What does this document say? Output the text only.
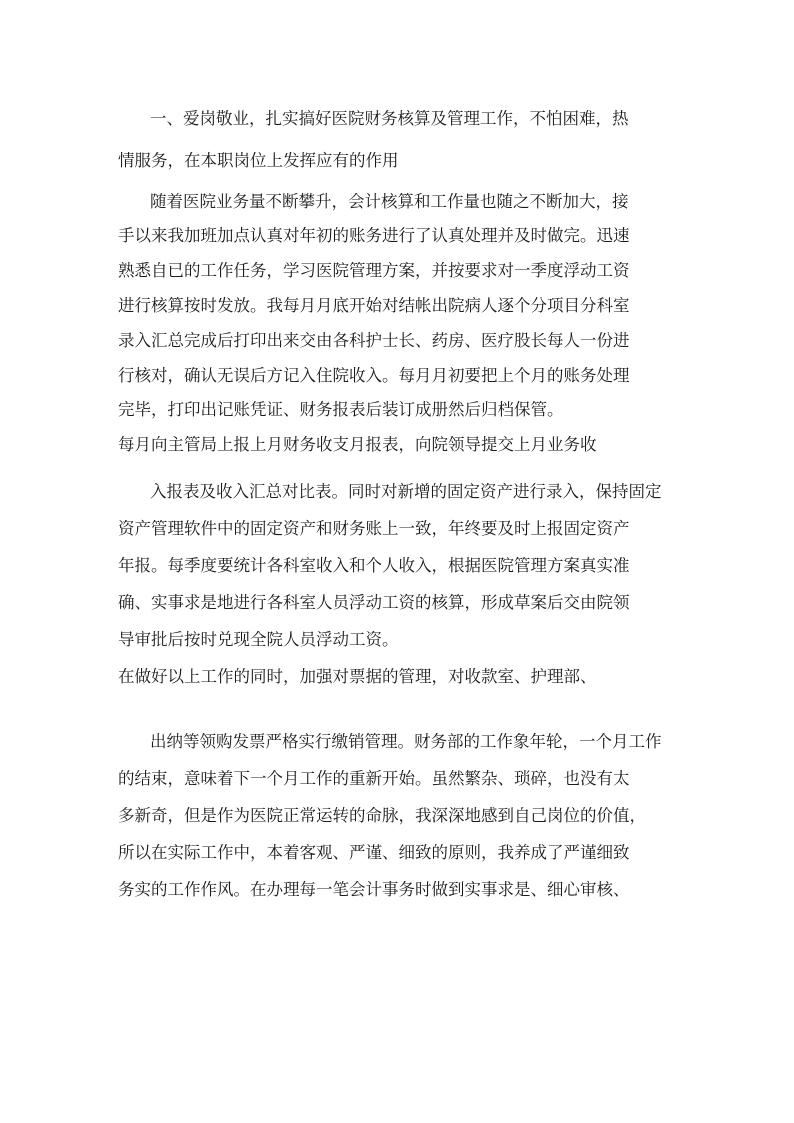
一、爱岗敬业，扎实搞好医院财务核算及管理工作，不怕困难，热
情服务，在本职岗位上发挥应有的作用
随着医院业务量不断攀升，会计核算和工作量也随之不断加大，接
手以来我加班加点认真对年初的账务进行了认真处理并及时做完。迅速
熟悉自已的工作任务，学习医院管理方案，并按要求对一季度浮动工资
进行核算按时发放。我每月月底开始对结帐出院病人逐个分项目分科室
录入汇总完成后打印出来交由各科护士长、药房、医疗股长每人一份进
行核对，确认无误后方记入住院收入。每月月初要把上个月的账务处理
完毕，打印出记账凭证、财务报表后装订成册然后归档保管。
每月向主管局上报上月财务收支月报表，向院领导提交上月业务收
入报表及收入汇总对比表。同时对新增的固定资产进行录入，保持固定
资产管理软件中的固定资产和财务账上一致，年终要及时上报固定资产
年报。每季度要统计各科室收入和个人收入，根据医院管理方案真实准
确、实事求是地进行各科室人员浮动工资的核算，形成草案后交由院领
导审批后按时兑现全院人员浮动工资。
在做好以上工作的同时，加强对票据的管理，对收款室、护理部、
出纳等领购发票严格实行缴销管理。财务部的工作象年轮，一个月工作
的结束，意味着下一个月工作的重新开始。虽然繁杂、琐碎，也没有太
多新奇，但是作为医院正常运转的命脉，我深深地感到自己岗位的价值，
所以在实际工作中，本着客观、严谨、细致的原则，我养成了严谨细致
务实的工作作风。在办理每一笔会计事务时做到实事求是、细心审核、
